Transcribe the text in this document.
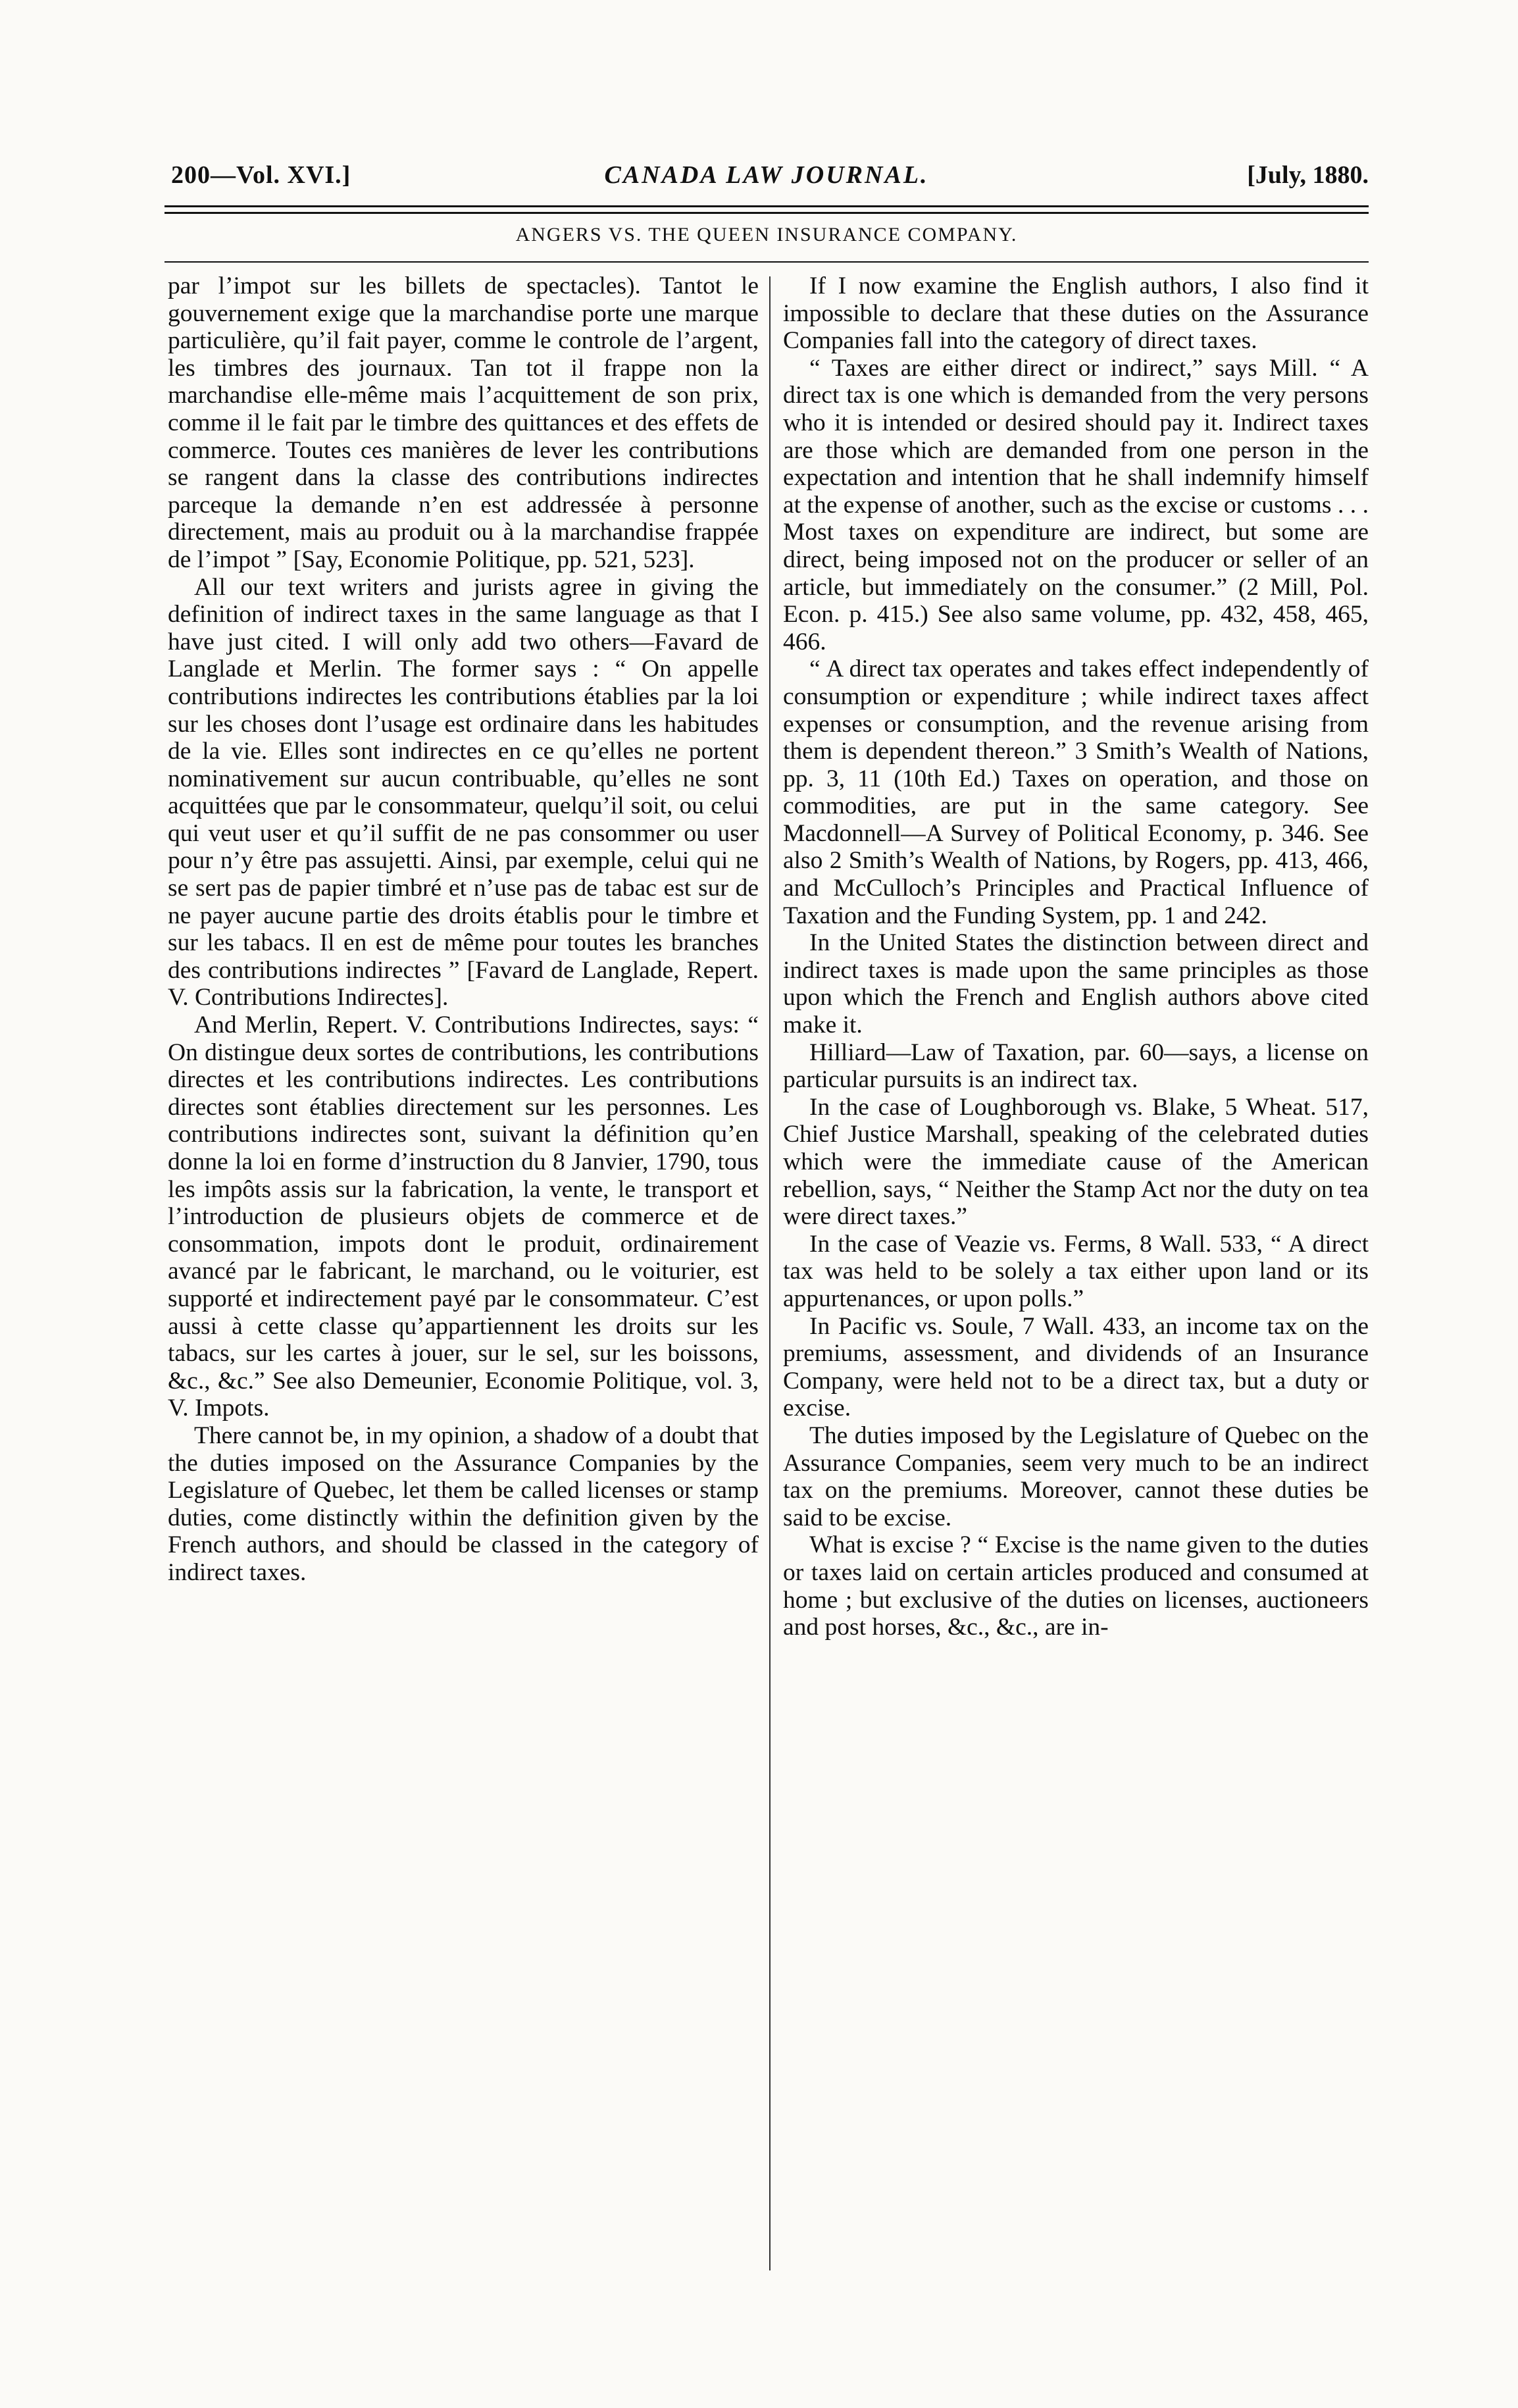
200—Vol. XVI.]	CANADA LAW JOURNAL.	[July, 1880.
ANGERS VS. THE QUEEN INSURANCE COMPANY.

par l’impot sur les billets de spectacles). Tantot le gouvernement exige que la marchandise porte une marque particulière, qu’il fait payer, comme le controle de l’argent, les timbres des journaux. Tan tot il frappe non la marchandise elle-même mais l’acquittement de son prix, comme il le fait par le timbre des quittances et des effets de commerce. Toutes ces manières de lever les contributions se rangent dans la classe des contributions indirectes parceque la demande n’en est addressée à personne directement, mais au produit ou à la marchandise frappée de l’impot ” [Say, Economie Politique, pp. 521, 523].

All our text writers and jurists agree in giving the definition of indirect taxes in the same language as that I have just cited. I will only add two others—Favard de Langlade et Merlin. The former says : “ On appelle contributions indirectes les contributions établies par la loi sur les choses dont l’usage est ordinaire dans les habitudes de la vie. Elles sont indirectes en ce qu’elles ne portent nominativement sur aucun contribuable, qu’elles ne sont acquittées que par le consommateur, quelqu’il soit, ou celui qui veut user et qu’il suffit de ne pas consommer ou user pour n’y être pas assujetti. Ainsi, par exemple, celui qui ne se sert pas de papier timbré et n’use pas de tabac est sur de ne payer aucune partie des droits établis pour le timbre et sur les tabacs. Il en est de même pour toutes les branches des contributions indirectes ” [Favard de Langlade, Repert. V. Contributions Indirectes].

And Merlin, Repert. V. Contributions Indirectes, says: “ On distingue deux sortes de contributions, les contributions directes et les contributions indirectes. Les contributions directes sont établies directement sur les personnes. Les contributions indirectes sont, suivant la définition qu’en donne la loi en forme d’instruction du 8 Janvier, 1790, tous les impôts assis sur la fabrication, la vente, le transport et l’introduction de plusieurs objets de commerce et de consommation, impots dont le produit, ordinairement avancé par le fabricant, le marchand, ou le voiturier, est supporté et indirectement payé par le consommateur. C’est aussi à cette classe qu’appartiennent les droits sur les tabacs, sur les cartes à jouer, sur le sel, sur les boissons, &c., &c.” See also Demeunier, Economie Politique, vol. 3, V. Impots.

There cannot be, in my opinion, a shadow of a doubt that the duties imposed on the Assurance Companies by the Legislature of Quebec, let them be called licenses or stamp duties, come distinctly within the definition given by the French authors, and should be classed in the category of indirect taxes.

If I now examine the English authors, I also find it impossible to declare that these duties on the Assurance Companies fall into the category of direct taxes.

“ Taxes are either direct or indirect,” says Mill. “ A direct tax is one which is demanded from the very persons who it is intended or desired should pay it. Indirect taxes are those which are demanded from one person in the expectation and intention that he shall indemnify himself at the expense of another, such as the excise or customs . . . Most taxes on expenditure are indirect, but some are direct, being imposed not on the producer or seller of an article, but immediately on the consumer.” (2 Mill, Pol. Econ. p. 415.) See also same volume, pp. 432, 458, 465, 466.

“ A direct tax operates and takes effect independently of consumption or expenditure ; while indirect taxes affect expenses or consumption, and the revenue arising from them is dependent thereon.” 3 Smith’s Wealth of Nations, pp. 3, 11 (10th Ed.) Taxes on operation, and those on commodities, are put in the same category. See Macdonnell—A Survey of Political Economy, p. 346. See also 2 Smith’s Wealth of Nations, by Rogers, pp. 413, 466, and McCulloch’s Principles and Practical Influence of Taxation and the Funding System, pp. 1 and 242.

In the United States the distinction between direct and indirect taxes is made upon the same principles as those upon which the French and English authors above cited make it.

Hilliard—Law of Taxation, par. 60—says, a license on particular pursuits is an indirect tax.

In the case of Loughborough vs. Blake, 5 Wheat. 517, Chief Justice Marshall, speaking of the celebrated duties which were the immediate cause of the American rebellion, says, “ Neither the Stamp Act nor the duty on tea were direct taxes.”

In the case of Veazie vs. Ferms, 8 Wall. 533, “ A direct tax was held to be solely a tax either upon land or its appurtenances, or upon polls.”

In Pacific vs. Soule, 7 Wall. 433, an income tax on the premiums, assessment, and dividends of an Insurance Company, were held not to be a direct tax, but a duty or excise.

The duties imposed by the Legislature of Quebec on the Assurance Companies, seem very much to be an indirect tax on the premiums. Moreover, cannot these duties be said to be excise.

What is excise ? “ Excise is the name given to the duties or taxes laid on certain articles produced and consumed at home ; but exclusive of the duties on licenses, auctioneers and post horses, &c., &c., are in-
